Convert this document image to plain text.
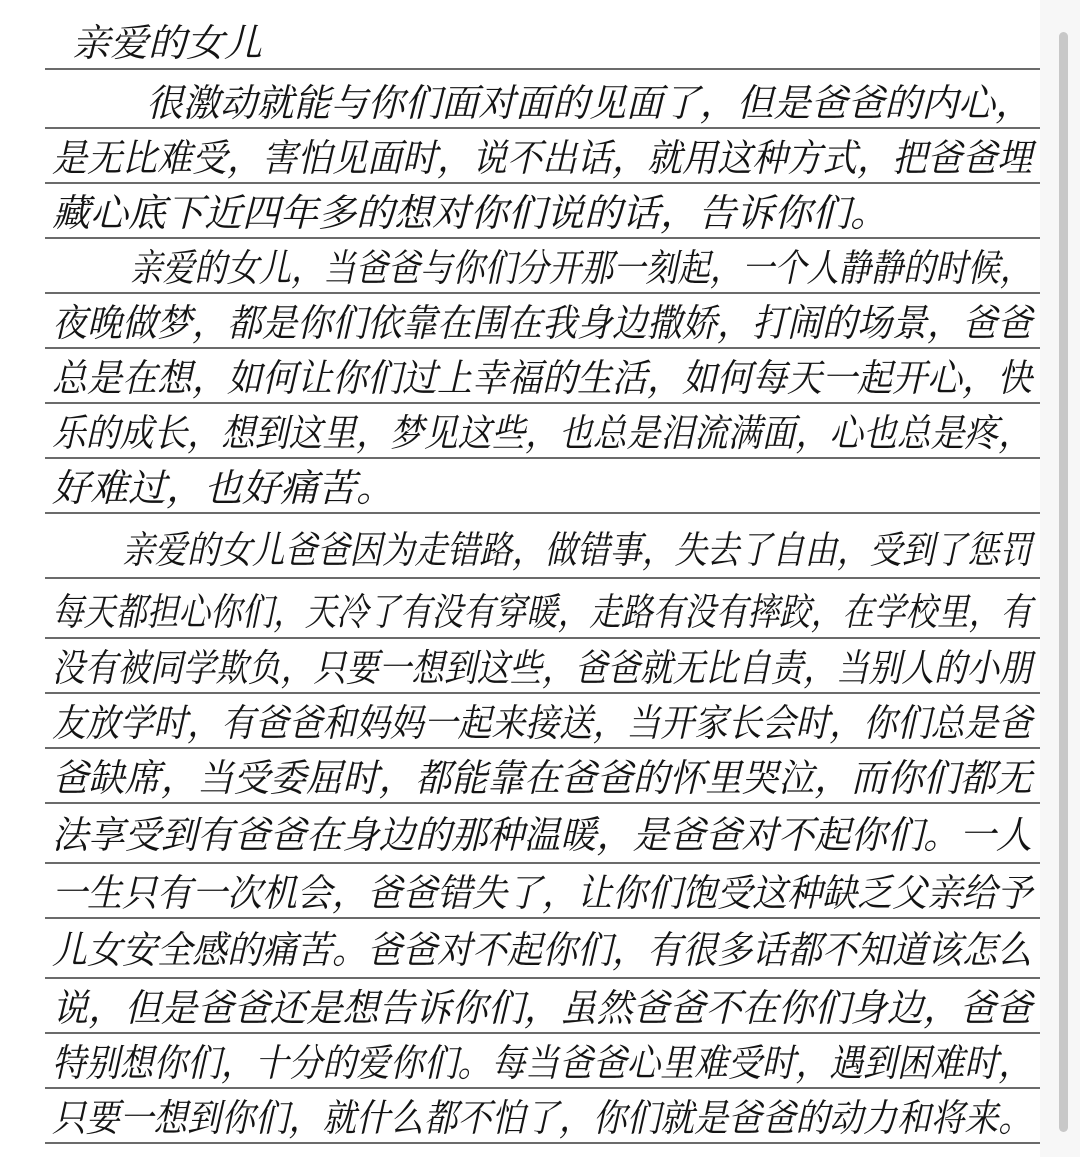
亲爱的女儿

很激动就能与你们面对面的见面了，但是爸爸的内心，

是无比难受，害怕见面时，说不出话，就用这种方式，把爸爸埋

藏心底下近四年多的想对你们说的话，告诉你们。

亲爱的女儿，当爸爸与你们分开那一刻起，一个人静静的时候，

夜晚做梦，都是你们依靠在围在我身边撒娇，打闹的场景，爸爸

总是在想，如何让你们过上幸福的生活，如何每天一起开心，快

乐的成长，想到这里，梦见这些，也总是泪流满面，心也总是疼，

好难过，也好痛苦。

亲爱的女儿爸爸因为走错路，做错事，失去了自由，受到了惩罚

每天都担心你们，天冷了有没有穿暖，走路有没有摔跤，在学校里，有

没有被同学欺负，只要一想到这些，爸爸就无比自责，当别人的小朋

友放学时，有爸爸和妈妈一起来接送，当开家长会时，你们总是爸

爸缺席，当受委屈时，都能靠在爸爸的怀里哭泣，而你们都无

法享受到有爸爸在身边的那种温暖，是爸爸对不起你们。一人

一生只有一次机会，爸爸错失了，让你们饱受这种缺乏父亲给予

儿女安全感的痛苦。爸爸对不起你们，有很多话都不知道该怎么

说，但是爸爸还是想告诉你们，虽然爸爸不在你们身边，爸爸

特别想你们，十分的爱你们。每当爸爸心里难受时，遇到困难时，

只要一想到你们，就什么都不怕了，你们就是爸爸的动力和将来。
